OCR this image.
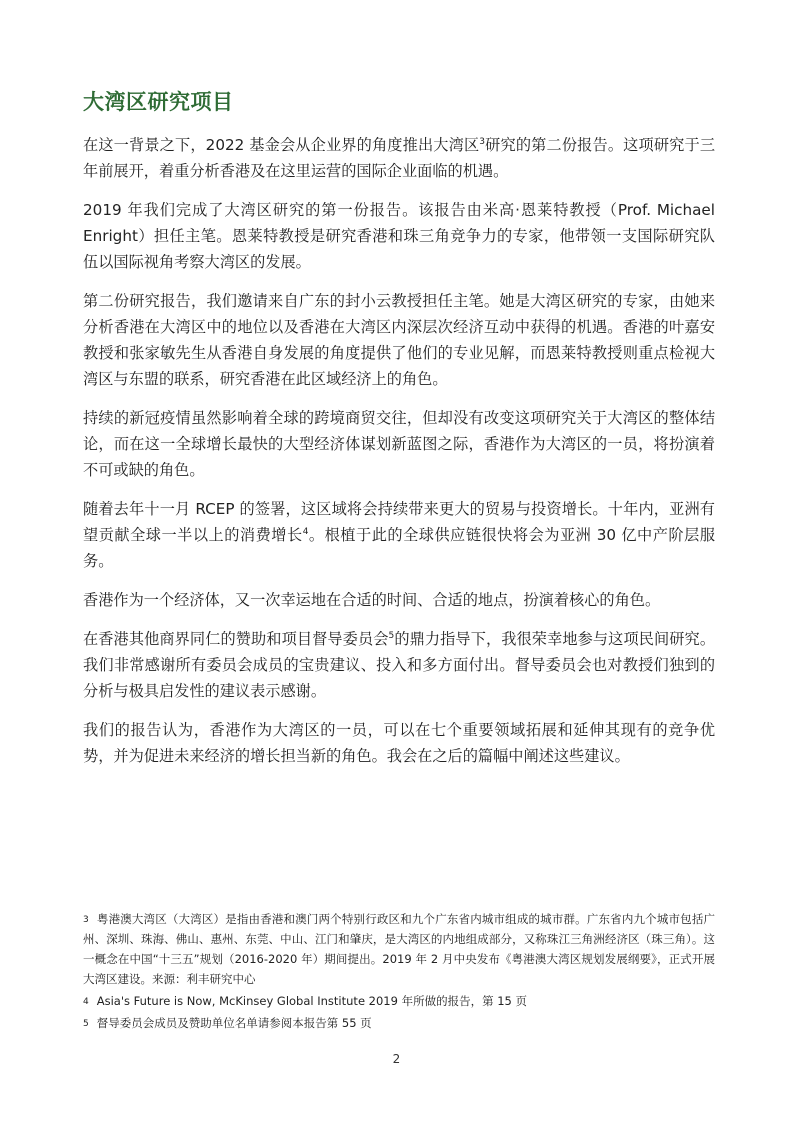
大湾区研究项目

在这一背景之下，2022 基金会从企业界的角度推出大湾区$^3$研究的第二份报告。这项研究于三年前展开，着重分析香港及在这里运营的国际企业面临的机遇。

2019 年我们完成了大湾区研究的第一份报告。该报告由米高·恩莱特教授（Prof. Michael Enright）担任主笔。恩莱特教授是研究香港和珠三角竞争力的专家，他带领一支国际研究队伍以国际视角考察大湾区的发展。

第二份研究报告，我们邀请来自广东的封小云教授担任主笔。她是大湾区研究的专家，由她来分析香港在大湾区中的地位以及香港在大湾区内深层次经济互动中获得的机遇。香港的叶嘉安教授和张家敏先生从香港自身发展的角度提供了他们的专业见解，而恩莱特教授则重点检视大湾区与东盟的联系，研究香港在此区域经济上的角色。

持续的新冠疫情虽然影响着全球的跨境商贸交往，但却没有改变这项研究关于大湾区的整体结论，而在这一全球增长最快的大型经济体谋划新蓝图之际，香港作为大湾区的一员，将扮演着不可或缺的角色。

随着去年十一月 RCEP 的签署，这区域将会持续带来更大的贸易与投资增长。十年内，亚洲有望贡献全球一半以上的消费增长$^4$。根植于此的全球供应链很快将会为亚洲 30 亿中产阶层服务。

香港作为一个经济体，又一次幸运地在合适的时间、合适的地点，扮演着核心的角色。

在香港其他商界同仁的赞助和项目督导委员会$^5$的鼎力指导下，我很荣幸地参与这项民间研究。我们非常感谢所有委员会成员的宝贵建议、投入和多方面付出。督导委员会也对教授们独到的分析与极具启发性的建议表示感谢。

我们的报告认为，香港作为大湾区的一员，可以在七个重要领域拓展和延伸其现有的竞争优势，并为促进未来经济的增长担当新的角色。我会在之后的篇幅中阐述这些建议。

$^3$ 粤港澳大湾区（大湾区）是指由香港和澳门两个特别行政区和九个广东省内城市组成的城市群。广东省内九个城市包括广州、深圳、珠海、佛山、惠州、东莞、中山、江门和肇庆，是大湾区的内地组成部分，又称珠江三角洲经济区（珠三角）。这一概念在中国“十三五”规划（2016-2020 年）期间提出。2019 年 2 月中央发布《粤港澳大湾区规划发展纲要》，正式开展大湾区建设。来源：利丰研究中心
$^4$ Asia's Future is Now, McKinsey Global Institute 2019 年所做的报告，第 15 页
$^5$ 督导委员会成员及赞助单位名单请参阅本报告第 55 页
2
